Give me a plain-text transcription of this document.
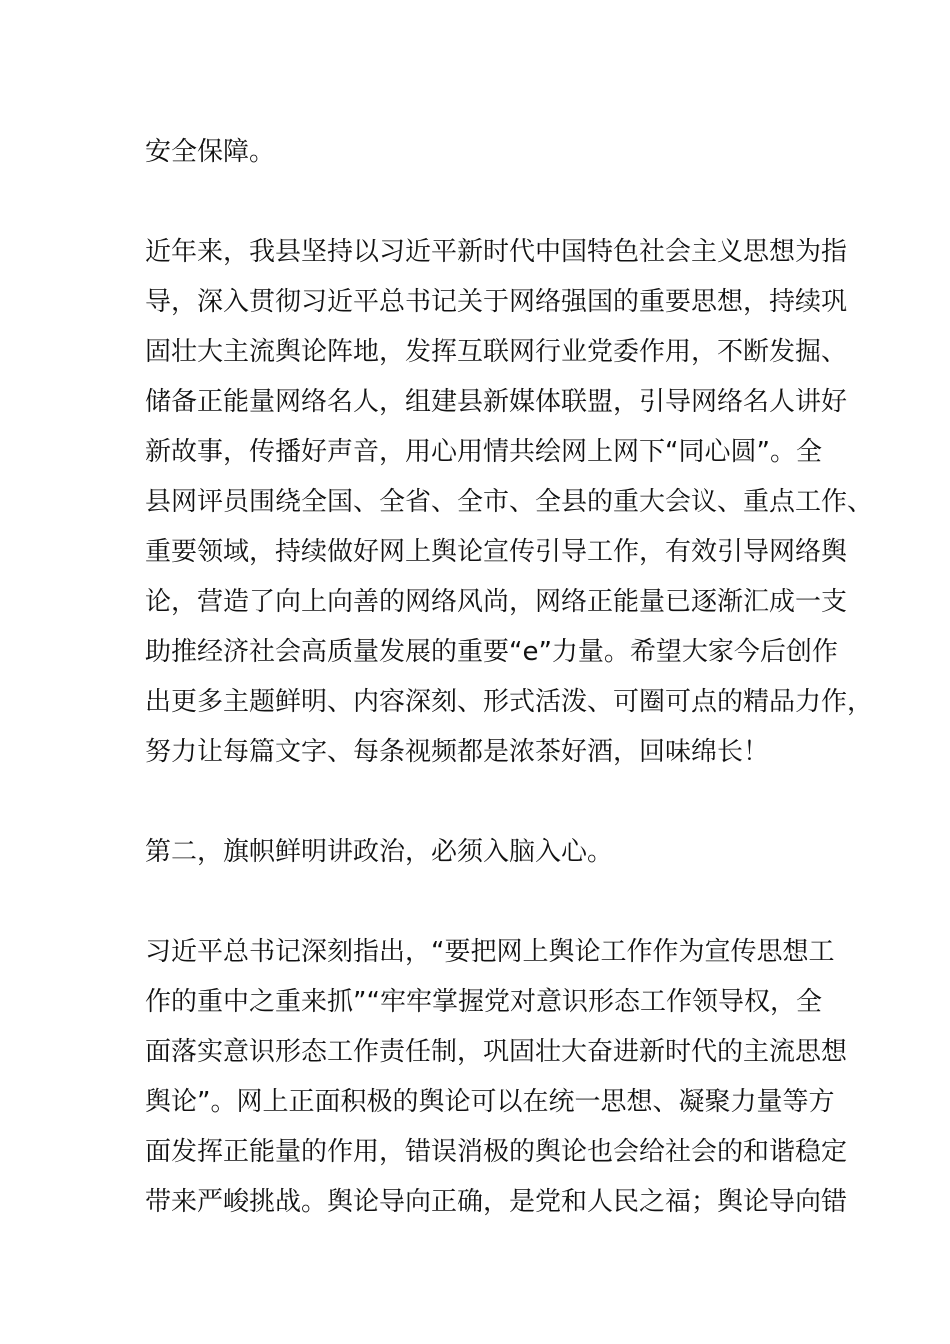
安全保障。

近年来，我县坚持以习近平新时代中国特色社会主义思想为指

导，深入贯彻习近平总书记关于网络强国的重要思想，持续巩

固壮大主流舆论阵地，发挥互联网行业党委作用，不断发掘、

储备正能量网络名人，组建县新媒体联盟，引导网络名人讲好

新故事，传播好声音，用心用情共绘网上网下“同心圆”。全

县网评员围绕全国、全省、全市、全县的重大会议、重点工作、

重要领域，持续做好网上舆论宣传引导工作，有效引导网络舆

论，营造了向上向善的网络风尚，网络正能量已逐渐汇成一支

助推经济社会高质量发展的重要“e”力量。希望大家今后创作

出更多主题鲜明、内容深刻、形式活泼、可圈可点的精品力作，

努力让每篇文字、每条视频都是浓茶好酒，回味绵长！

第二，旗帜鲜明讲政治，必须入脑入心。

习近平总书记深刻指出，“要把网上舆论工作作为宣传思想工

作的重中之重来抓”“牢牢掌握党对意识形态工作领导权，全

面落实意识形态工作责任制，巩固壮大奋进新时代的主流思想

舆论”。网上正面积极的舆论可以在统一思想、凝聚力量等方

面发挥正能量的作用，错误消极的舆论也会给社会的和谐稳定

带来严峻挑战。舆论导向正确，是党和人民之福；舆论导向错
